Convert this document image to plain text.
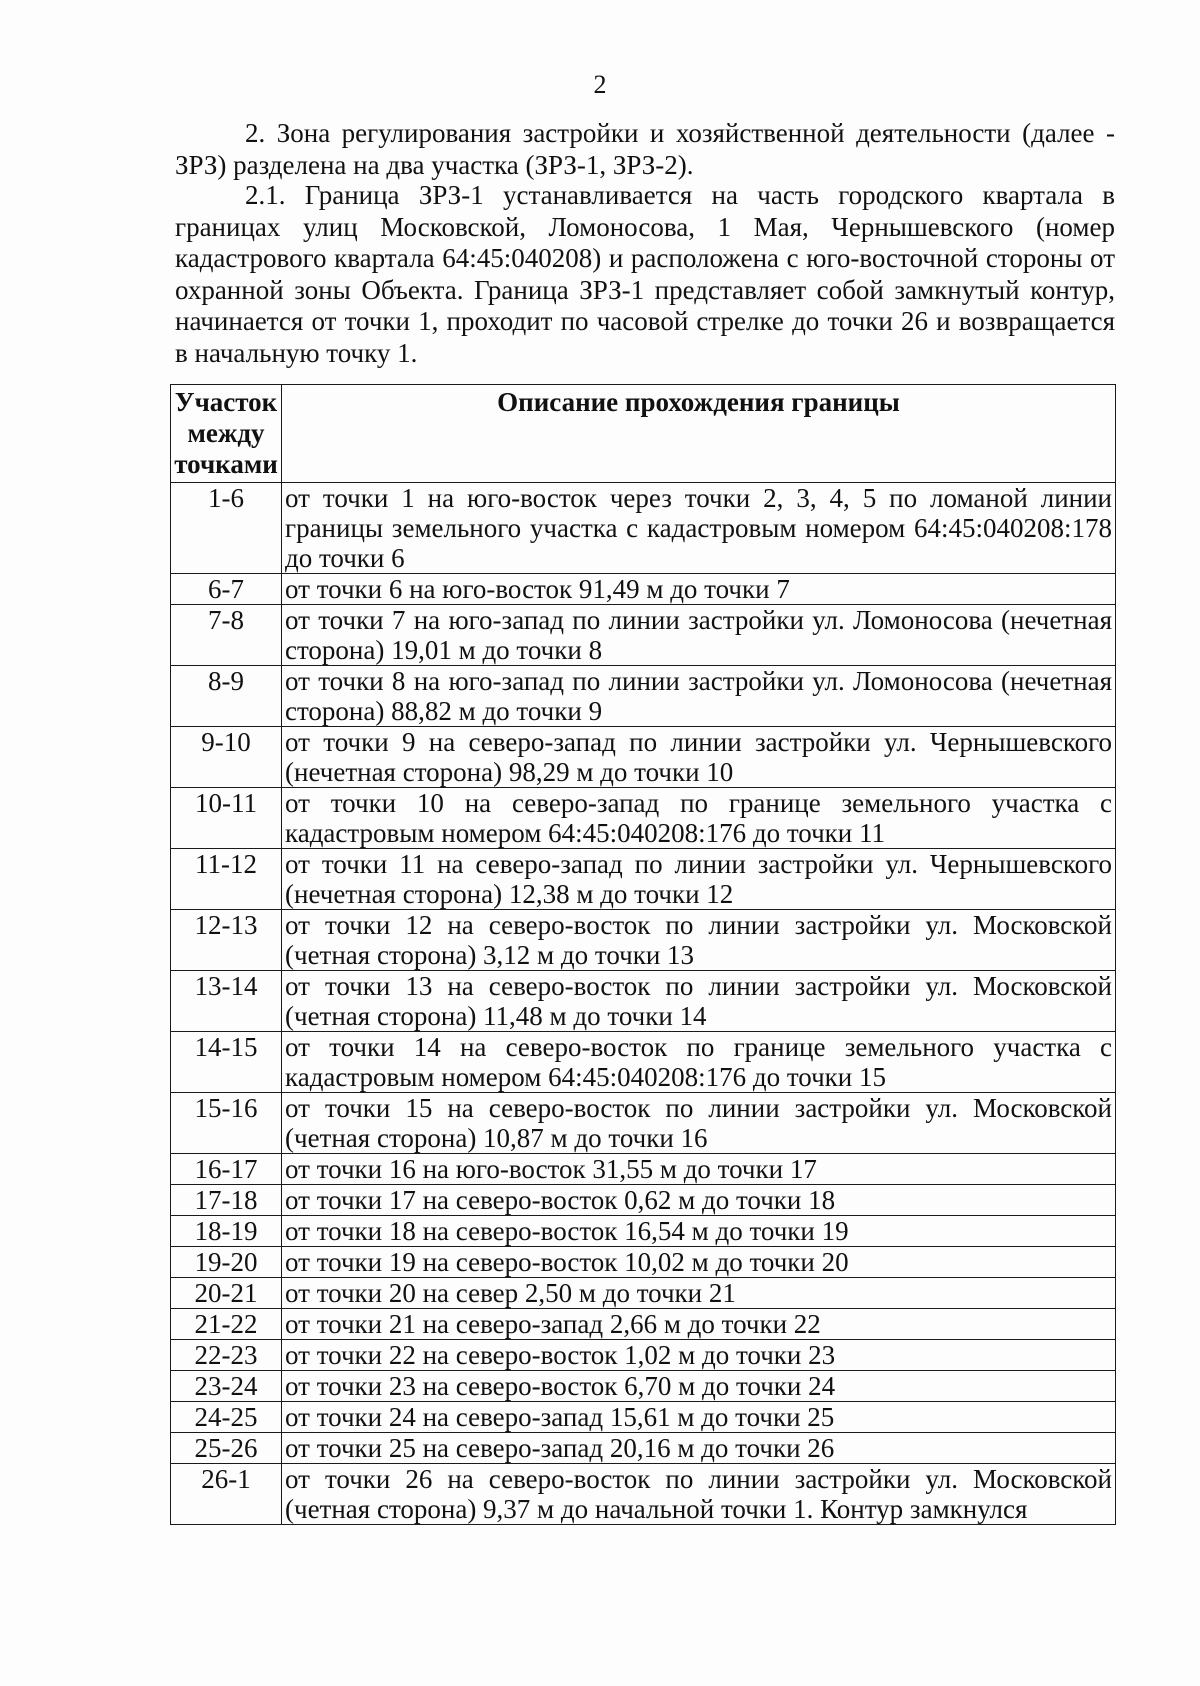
2

2. Зона регулирования застройки и хозяйственной деятельности (далее - ЗРЗ) разделена на два участка (ЗРЗ-1, ЗРЗ-2).

2.1. Граница ЗРЗ-1 устанавливается на часть городского квартала в границах улиц Московской, Ломоносова, 1 Мая, Чернышевского (номер кадастрового квартала 64:45:040208) и расположена с юго-восточной стороны от охранной зоны Объекта. Граница ЗРЗ-1 представляет собой замкнутый контур, начинается от точки 1, проходит по часовой стрелке до точки 26 и возвращается в начальную точку 1.

Участок между точками	Описание прохождения границы
1-6	от точки 1 на юго-восток через точки 2, 3, 4, 5 по ломаной линии границы земельного участка с кадастровым номером 64:45:040208:178 до точки 6
6-7	от точки 6 на юго-восток 91,49 м до точки 7
7-8	от точки 7 на юго-запад по линии застройки ул. Ломоносова (нечетная сторона) 19,01 м до точки 8
8-9	от точки 8 на юго-запад по линии застройки ул. Ломоносова (нечетная сторона) 88,82 м до точки 9
9-10	от точки 9 на северо-запад по линии застройки ул. Чернышевского (нечетная сторона) 98,29 м до точки 10
10-11	от точки 10 на северо-запад по границе земельного участка с кадастровым номером 64:45:040208:176 до точки 11
11-12	от точки 11 на северо-запад по линии застройки ул. Чернышевского (нечетная сторона) 12,38 м до точки 12
12-13	от точки 12 на северо-восток по линии застройки ул. Московской (четная сторона) 3,12 м до точки 13
13-14	от точки 13 на северо-восток по линии застройки ул. Московской (четная сторона) 11,48 м до точки 14
14-15	от точки 14 на северо-восток по границе земельного участка с кадастровым номером 64:45:040208:176 до точки 15
15-16	от точки 15 на северо-восток по линии застройки ул. Московской (четная сторона) 10,87 м до точки 16
16-17	от точки 16 на юго-восток 31,55 м до точки 17
17-18	от точки 17 на северо-восток 0,62 м до точки 18
18-19	от точки 18 на северо-восток 16,54 м до точки 19
19-20	от точки 19 на северо-восток 10,02 м до точки 20
20-21	от точки 20 на север 2,50 м до точки 21
21-22	от точки 21 на северо-запад 2,66 м до точки 22
22-23	от точки 22 на северо-восток 1,02 м до точки 23
23-24	от точки 23 на северо-восток 6,70 м до точки 24
24-25	от точки 24 на северо-запад 15,61 м до точки 25
25-26	от точки 25 на северо-запад 20,16 м до точки 26
26-1	от точки 26 на северо-восток по линии застройки ул. Московской (четная сторона) 9,37 м до начальной точки 1. Контур замкнулся
